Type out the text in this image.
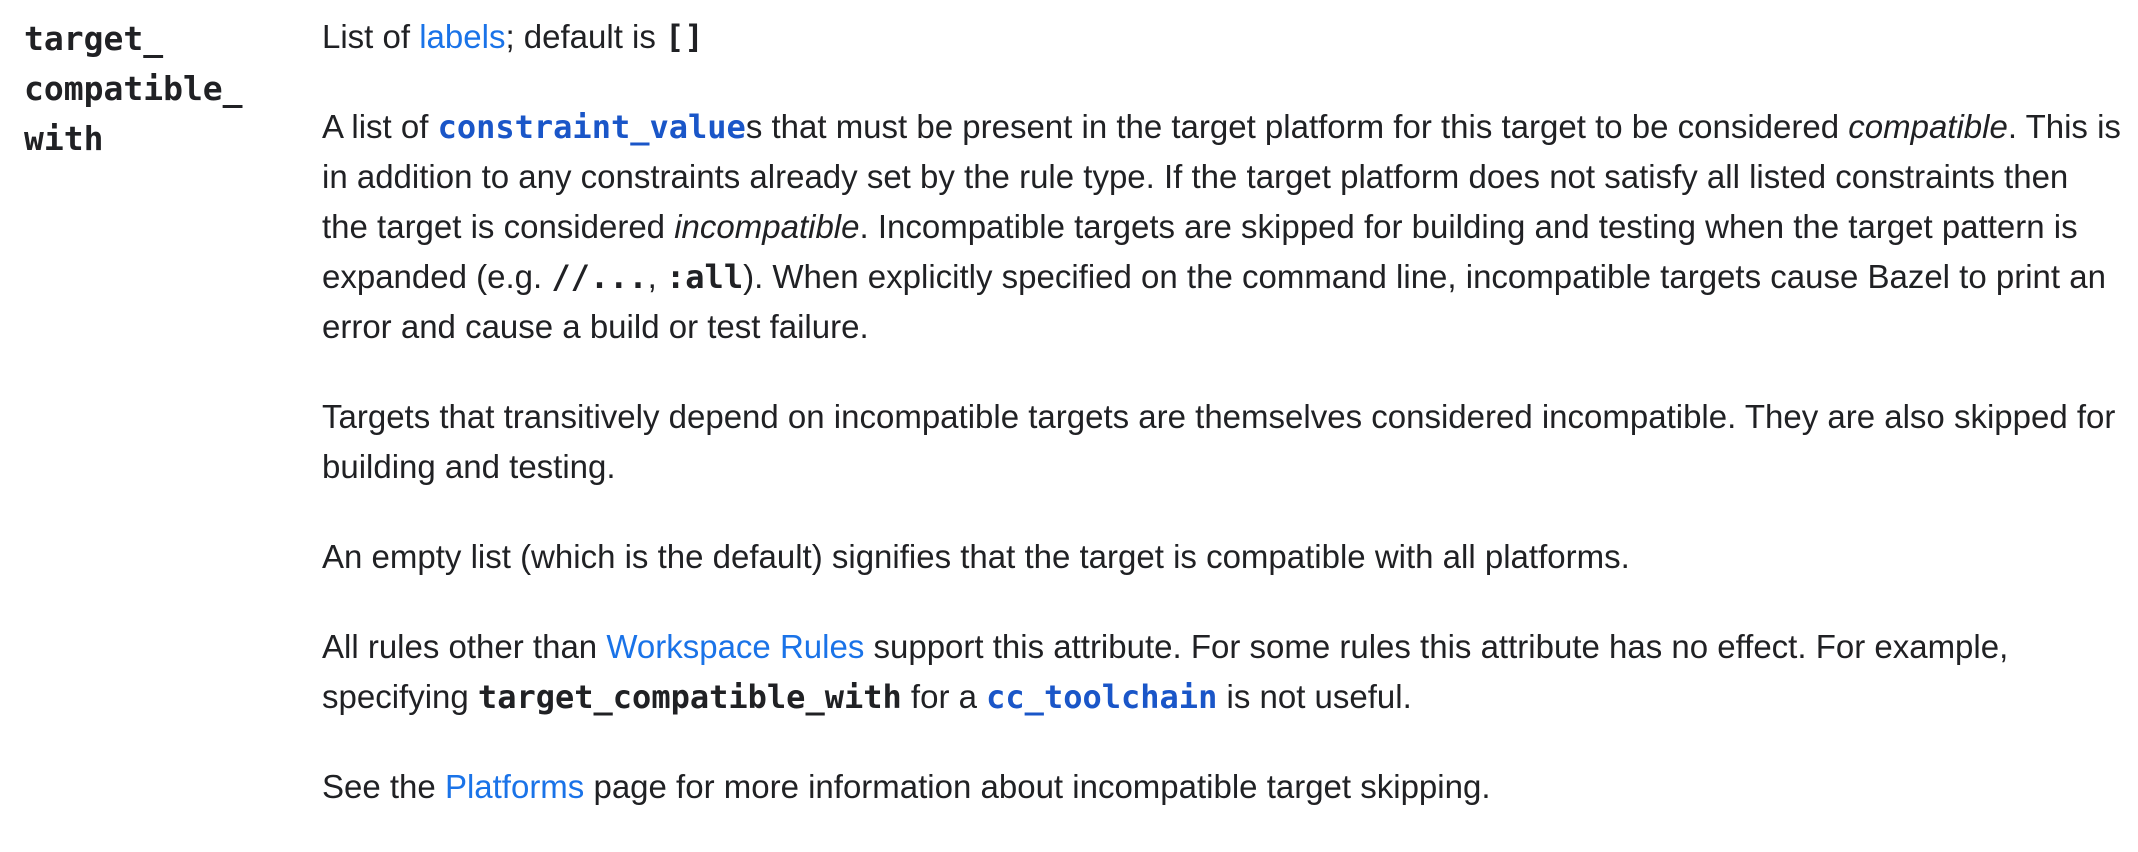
target_
compatible_
with

List of labels; default is []

A list of constraint_values that must be present in the target platform for this target to be considered compatible. This is in addition to any constraints already set by the rule type. If the target platform does not satisfy all listed constraints then the target is considered incompatible. Incompatible targets are skipped for building and testing when the target pattern is expanded (e.g. //..., :all). When explicitly specified on the command line, incompatible targets cause Bazel to print an error and cause a build or test failure.

Targets that transitively depend on incompatible targets are themselves considered incompatible. They are also skipped for building and testing.

An empty list (which is the default) signifies that the target is compatible with all platforms.

All rules other than Workspace Rules support this attribute. For some rules this attribute has no effect. For example, specifying target_compatible_with for a cc_toolchain is not useful.

See the Platforms page for more information about incompatible target skipping.
